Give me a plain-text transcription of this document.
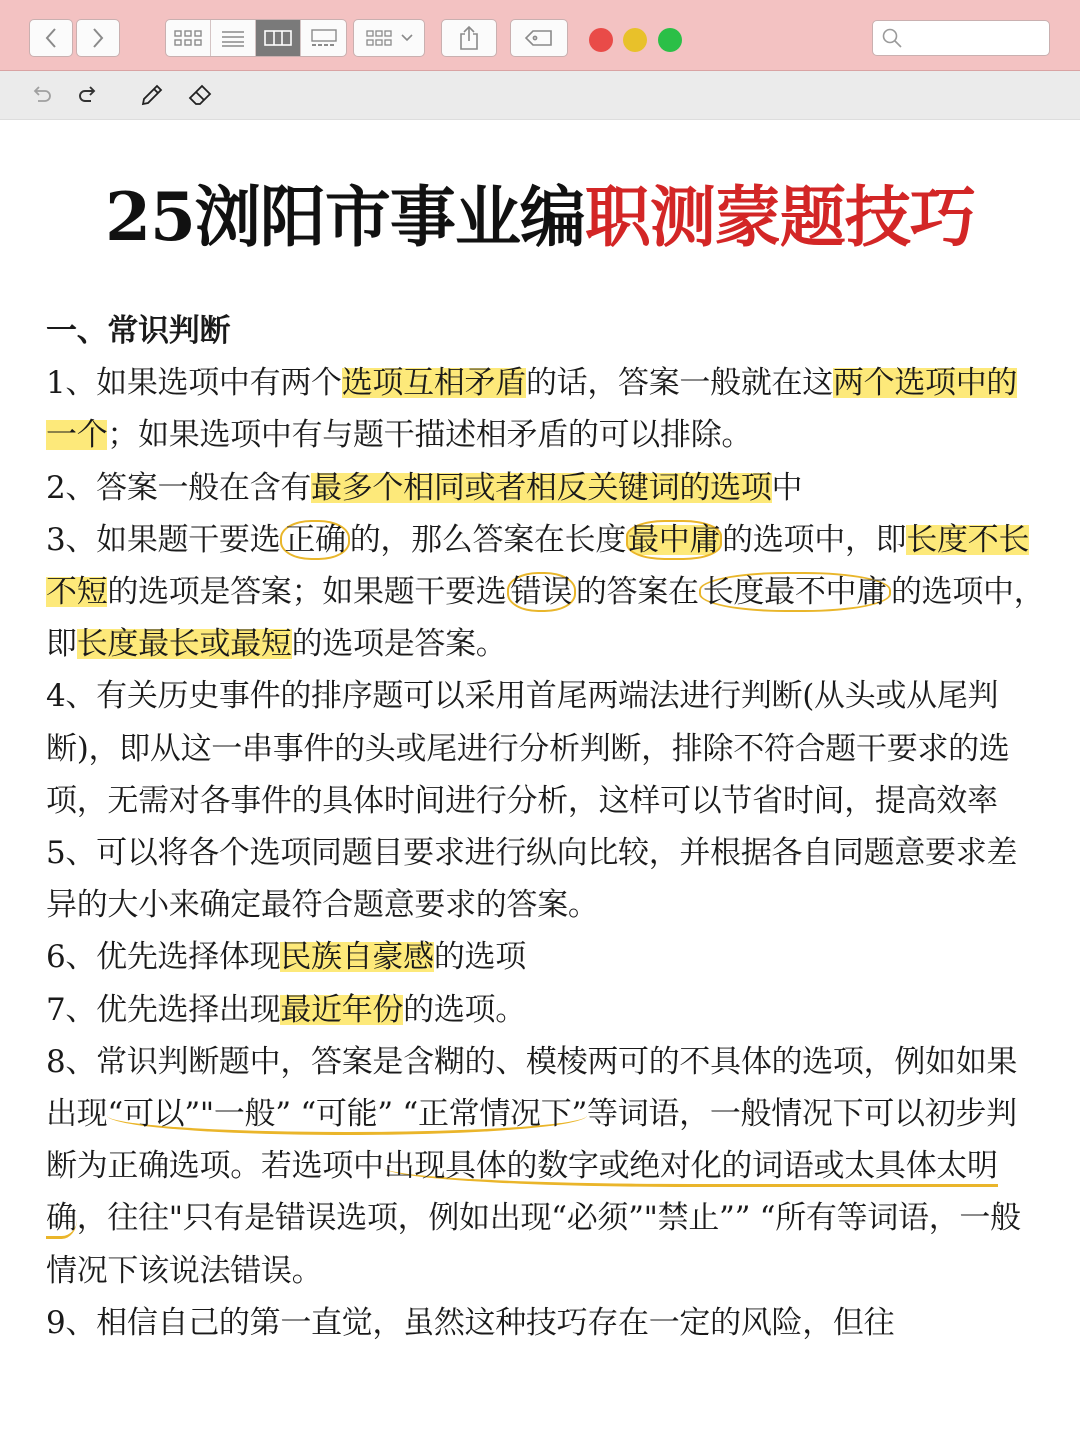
25浏阳市事业编职测蒙题技巧

一、常识判断

1、如果选项中有两个选项互相矛盾的话，答案一般就在这两个选项中的一个；如果选项中有与题干描述相矛盾的可以排除。

2、答案一般在含有最多个相同或者相反关键词的选项中

3、如果题干要选 正确 的，那么答案在长度最中庸的选项中，即长度不长不短的选项是答案；如果题干要选 错误 的答案在 长度最不中庸 的选项中，即长度最长或最短的选项是答案。

4、有关历史事件的排序题可以采用首尾两端法进行判断(从头或从尾判断)，即从这一串事件的头或尾进行分析判断，排除不符合题干要求的选项，无需对各事件的具体时间进行分析，这样可以节省时间，提高效率

5、可以将各个选项同题目要求进行纵向比较，并根据各自同题意要求差异的大小来确定最符合题意要求的答案。

6、优先选择体现民族自豪感的选项

7、优先选择出现最近年份的选项。

8、常识判断题中，答案是含糊的、模棱两可的不具体的选项，例如如果出现“可以”"一般” “可能” “正常情况下”等词语，一般情况下可以初步判断为正确选项。若选项中出现具体的数字或绝对化的词语或太具体太明确，往往"只有是错误选项，例如出现“必须”"禁止”” “所有等词语，一般情况下该说法错误。

9、相信自己的第一直觉，虽然这种技巧存在一定的风险，但往
